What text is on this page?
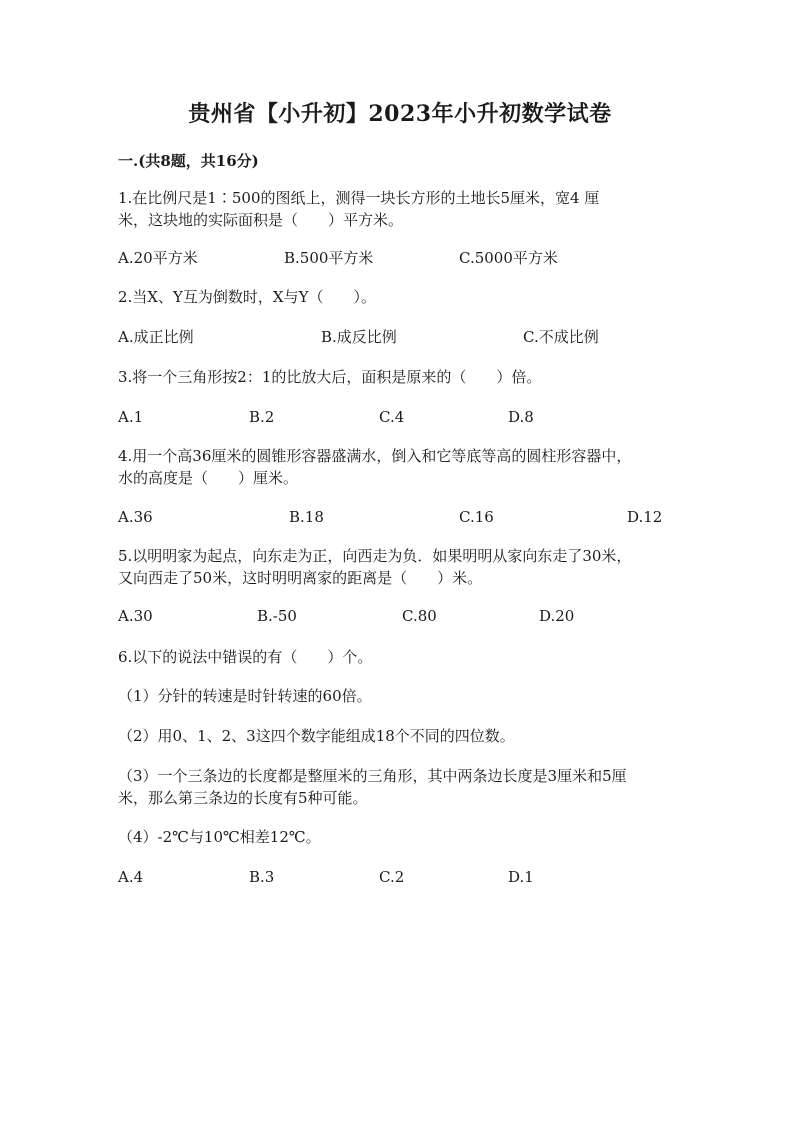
贵州省【小升初】2023年小升初数学试卷
一.(共8题，共16分)
1.在比例尺是1∶500的图纸上，测得一块长方形的土地长5厘米，宽4 厘
米，这块地的实际面积是（　　）平方米。
A.20平方米	B.500平方米	C.5000平方米
2.当X、Y互为倒数时，X与Y（　　）。
A.成正比例	B.成反比例	C.不成比例
3.将一个三角形按2：1的比放大后，面积是原来的（　　）倍。
A.1	B.2	C.4	D.8
4.用一个高36厘米的圆锥形容器盛满水，倒入和它等底等高的圆柱形容器中，
水的高度是（　　）厘米。
A.36	B.18	C.16	D.12
5.以明明家为起点，向东走为正，向西走为负．如果明明从家向东走了30米，
又向西走了50米，这时明明离家的距离是（　　）米。
A.30	B.-50	C.80	D.20
6.以下的说法中错误的有（　　）个。
（1）分针的转速是时针转速的60倍。
（2）用0、1、2、3这四个数字能组成18个不同的四位数。
（3）一个三条边的长度都是整厘米的三角形，其中两条边长度是3厘米和5厘
米，那么第三条边的长度有5种可能。
（4）-2℃与10℃相差12℃。
A.4	B.3	C.2	D.1
